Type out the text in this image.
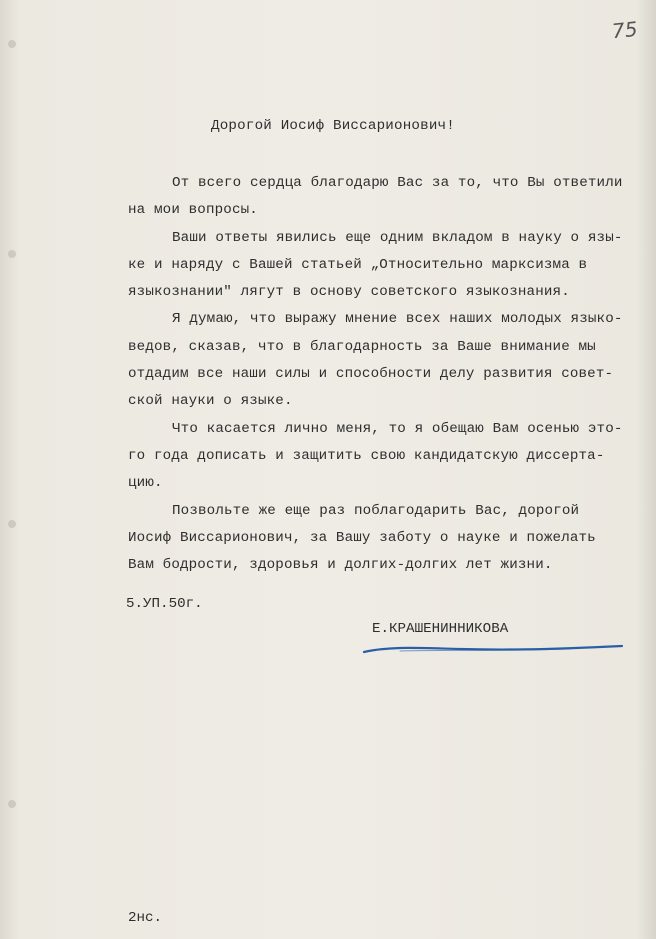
75
Дорогой Иосиф Виссарионович!

От всего сердца благодарю Вас за то, что Вы ответили

на мои вопросы.

Ваши ответы явились еще одним вкладом в науку о язы-

ке и наряду с Вашей статьей „Относительно марксизма в

языкознании" лягут в основу советского языкознания.

Я думаю, что выражу мнение всех наших молодых языко-

ведов, сказав, что в благодарность за Ваше внимание мы

отдадим все наши силы и способности делу развития совет-

ской науки о языке.

Что касается лично меня, то я обещаю Вам осенью это-

го года дописать и защитить свою кандидатскую диссерта-

цию.

Позвольте же еще раз поблагодарить Вас, дорогой

Иосиф Виссарионович, за Вашу заботу о науке и пожелать

Вам бодрости, здоровья и долгих-долгих лет жизни.

5.УП.50г.
Е.КРАШЕНИННИКОВА
2нс.
